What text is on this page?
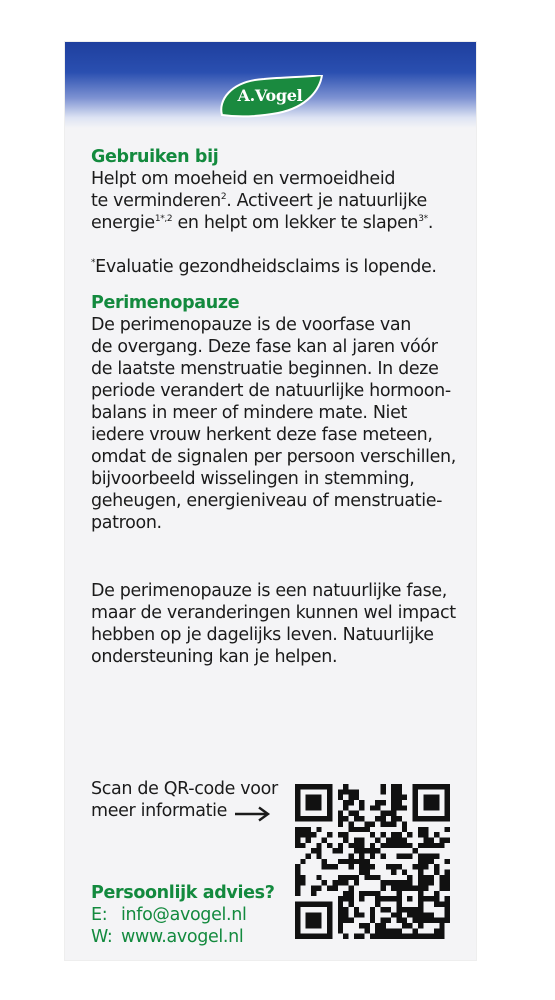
A.Vogel
Gebruiken bij
Helpt om moeheid en vermoeidheid
te verminderen$^2$. Activeert je natuurlijke
energie$^{1*,2}$ en helpt om lekker te slapen$^{3*}$.
*Evaluatie gezondheidsclaims is lopende.
Perimenopauze
De perimenopauze is de voorfase van
de overgang. Deze fase kan al jaren vóór
de laatste menstruatie beginnen. In deze
periode verandert de natuurlijke hormoon-
balans in meer of mindere mate. Niet
iedere vrouw herkent deze fase meteen,
omdat de signalen per persoon verschillen,
bijvoorbeeld wisselingen in stemming,
geheugen, energieniveau of menstruatie-
patroon.
De perimenopauze is een natuurlijke fase,
maar de veranderingen kunnen wel impact
hebben op je dagelijks leven. Natuurlijke
ondersteuning kan je helpen.
Scan de QR-code voor
meer informatie
Persoonlijk advies?
E: info@avogel.nl
W: www.avogel.nl
